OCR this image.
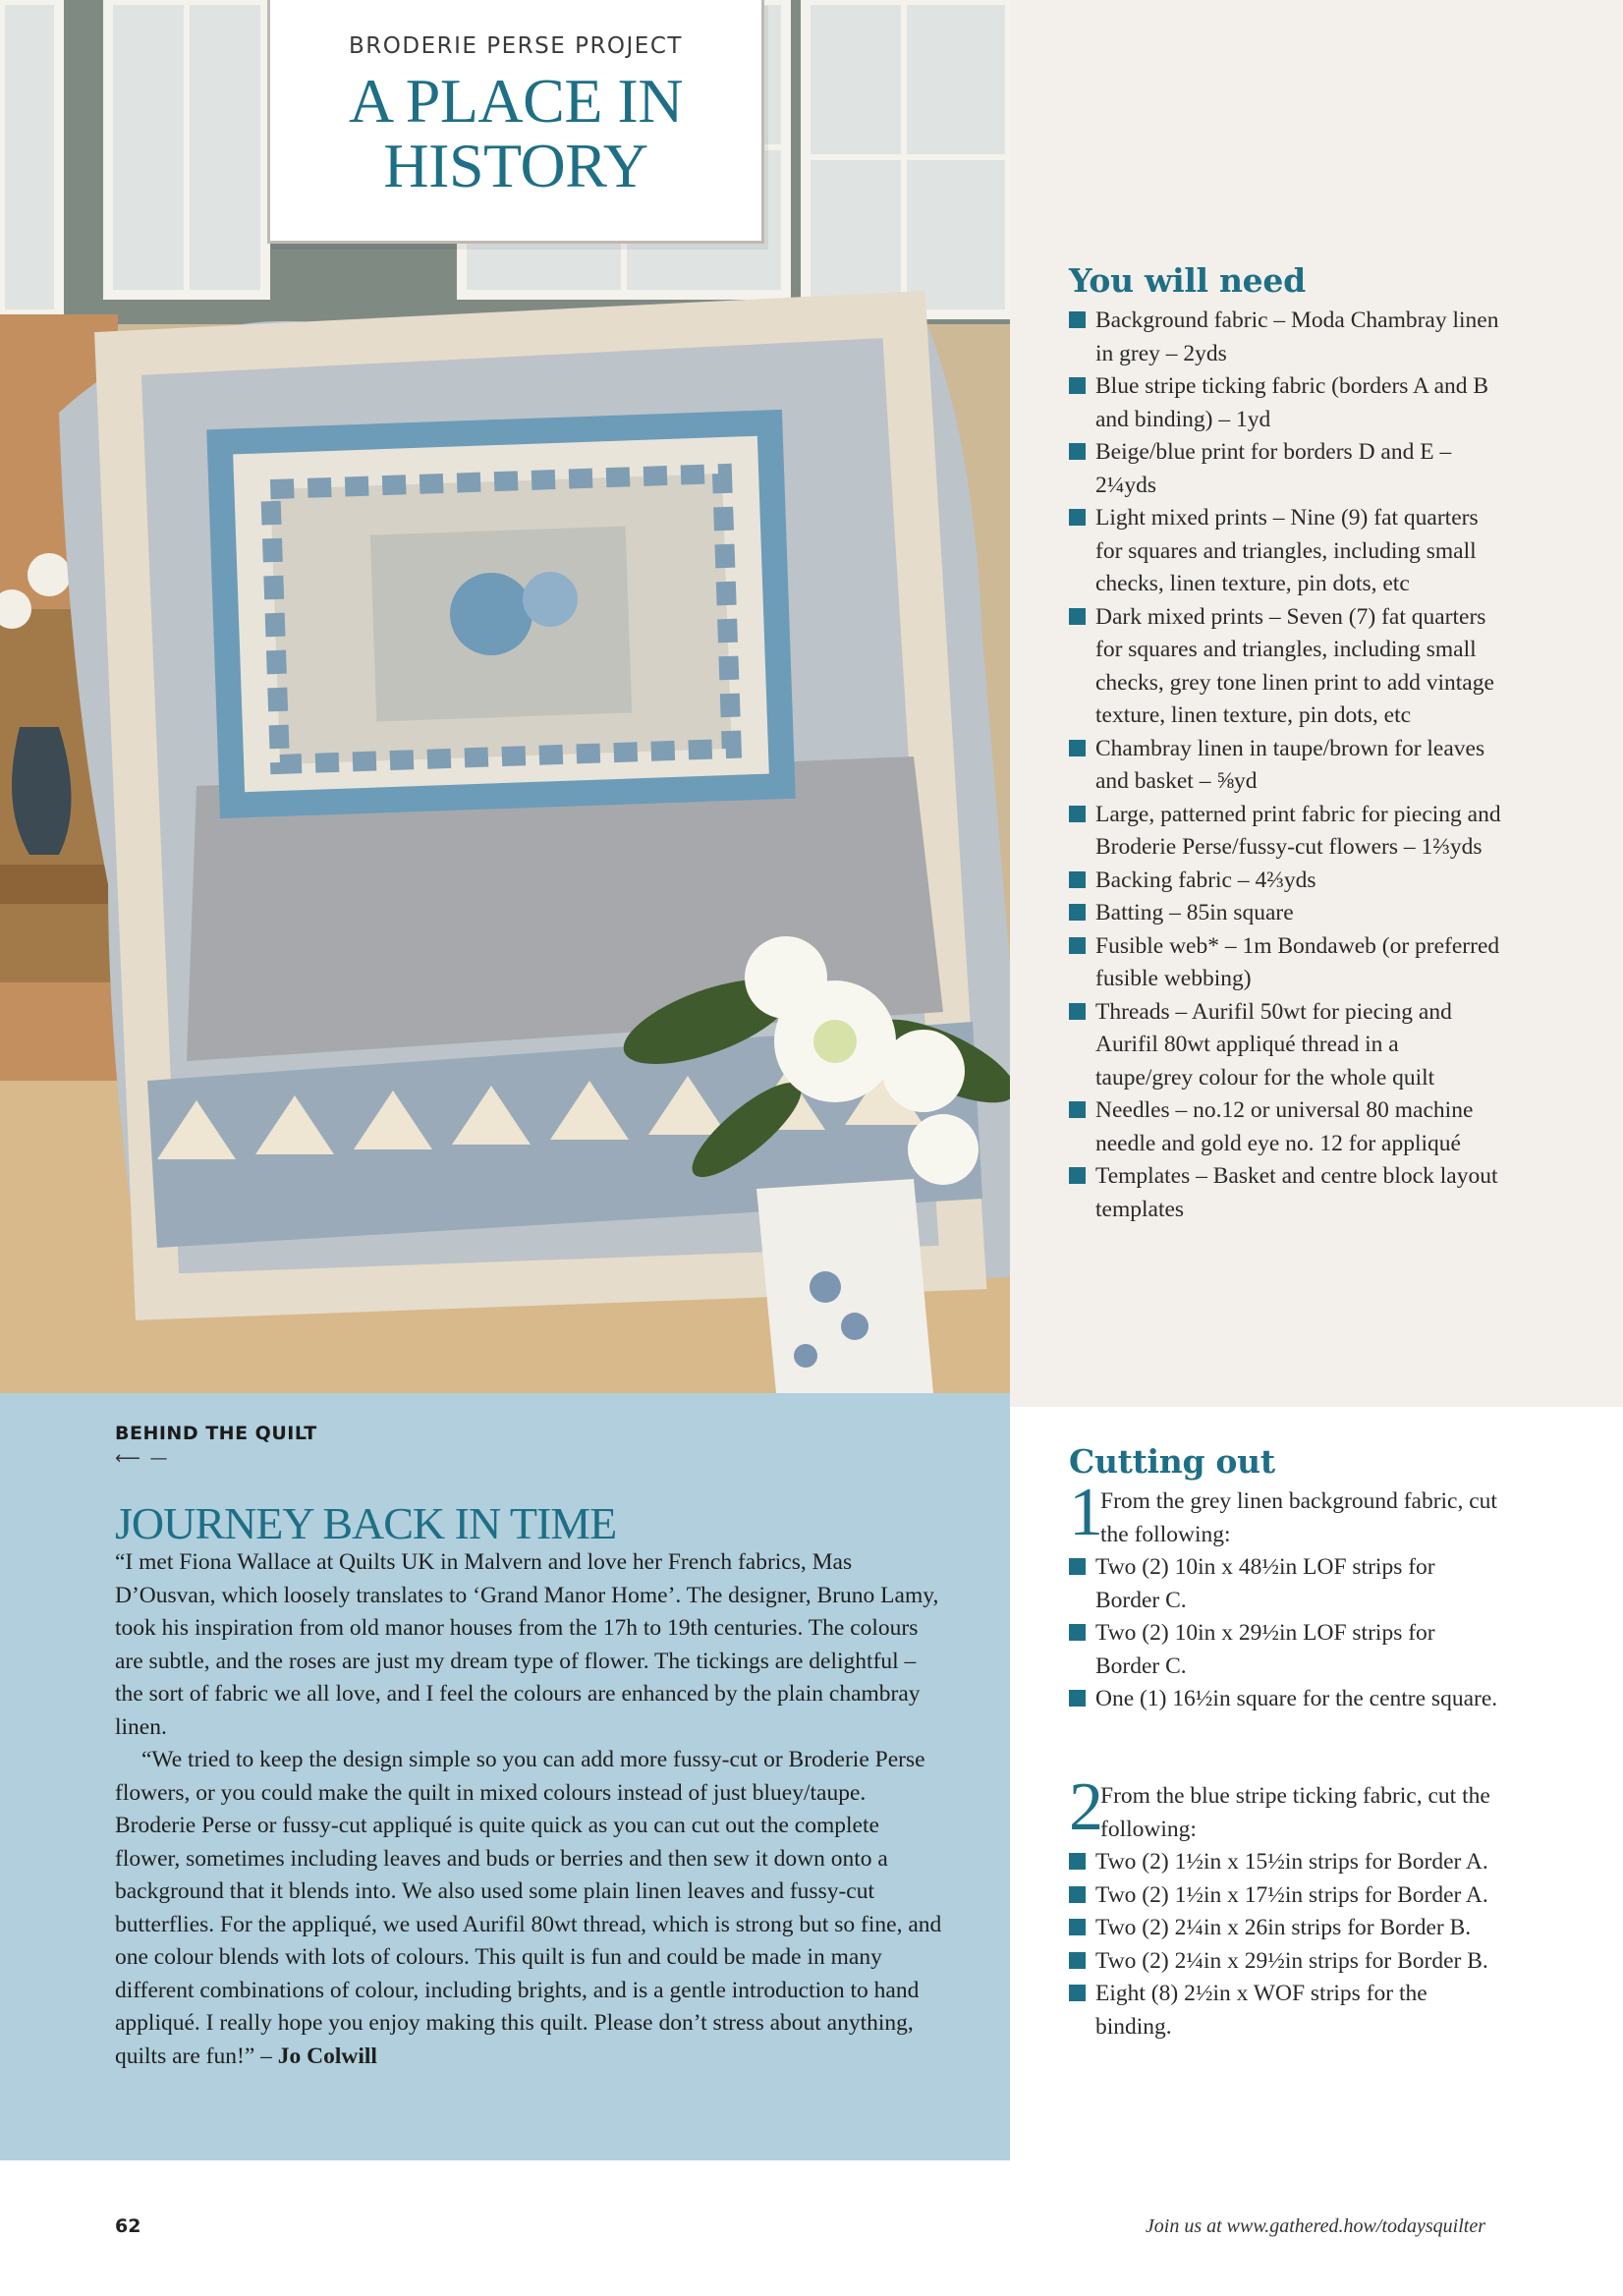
BRODERIE PERSE PROJECT
A PLACE IN
HISTORY
You will need
Background fabric – Moda Chambray linen in grey – 2yds
Blue stripe ticking fabric (borders A and B and binding) – 1yd
Beige/blue print for borders D and E – 2¼yds
Light mixed prints – Nine (9) fat quarters for squares and triangles, including small checks, linen texture, pin dots, etc
Dark mixed prints – Seven (7) fat quarters for squares and triangles, including small checks, grey tone linen print to add vintage texture, linen texture, pin dots, etc
Chambray linen in taupe/brown for leaves and basket – ⅝yd
Large, patterned print fabric for piecing and Broderie Perse/fussy-cut flowers – 1⅔yds
Backing fabric – 4⅔yds
Batting – 85in square
Fusible web* – 1m Bondaweb (or preferred fusible webbing)
Threads – Aurifil 50wt for piecing and Aurifil 80wt appliqué thread in a taupe/grey colour for the whole quilt
Needles – no.12 or universal 80 machine needle and gold eye no. 12 for appliqué
Templates – Basket and centre block layout templates
BEHIND THE QUILT
⟵ —
JOURNEY BACK IN TIME

“I met Fiona Wallace at Quilts UK in Malvern and love her French fabrics, Mas D’Ousvan, which loosely translates to ‘Grand Manor Home’. The designer, Bruno Lamy, took his inspiration from old manor houses from the 17h to 19th centuries. The colours are subtle, and the roses are just my dream type of flower. The tickings are delightful – the sort of fabric we all love, and I feel the colours are enhanced by the plain chambray linen.

“We tried to keep the design simple so you can add more fussy-cut or Broderie Perse flowers, or you could make the quilt in mixed colours instead of just bluey/taupe. Broderie Perse or fussy-cut appliqué is quite quick as you can cut out the complete flower, sometimes including leaves and buds or berries and then sew it down onto a background that it blends into. We also used some plain linen leaves and fussy-cut butterflies. For the appliqué, we used Aurifil 80wt thread, which is strong but so fine, and one colour blends with lots of colours. This quilt is fun and could be made in many different combinations of colour, including brights, and is a gentle introduction to hand appliqué. I really hope you enjoy making this quilt. Please don’t stress about anything, quilts are fun!” – Jo Colwill

Cutting out
1
From the grey linen background fabric, cut the following:
Two (2) 10in x 48½in LOF strips for Border C.
Two (2) 10in x 29½in LOF strips for Border C.
One (1) 16½in square for the centre square.
2
From the blue stripe ticking fabric, cut the following:
Two (2) 1½in x 15½in strips for Border A.
Two (2) 1½in x 17½in strips for Border A.
Two (2) 2¼in x 26in strips for Border B.
Two (2) 2¼in x 29½in strips for Border B.
Eight (8) 2½in x WOF strips for the binding.
62	Join us at www.gathered.how/todaysquilter
